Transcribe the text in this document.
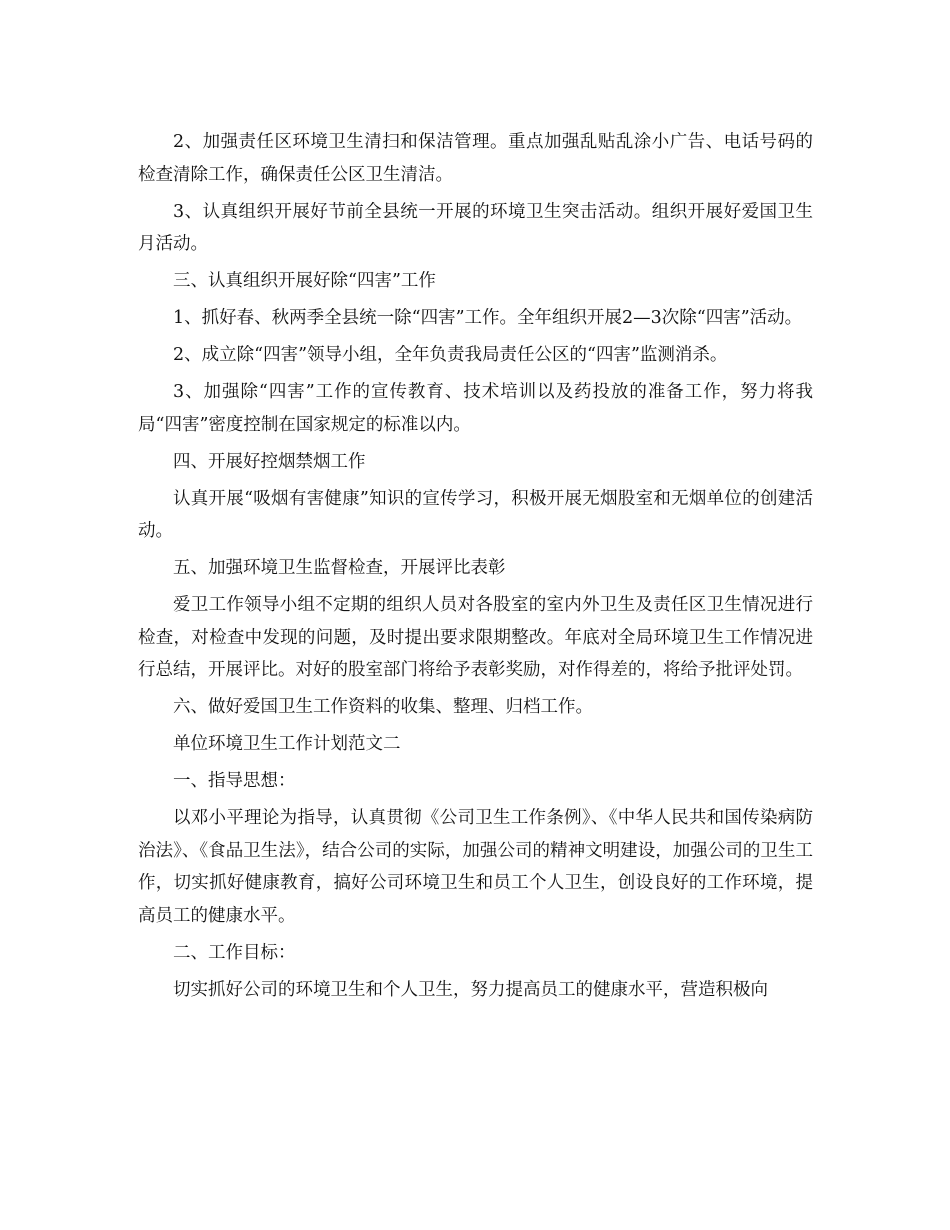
2、加强责任区环境卫生清扫和保洁管理。重点加强乱贴乱涂小广告、电话号码的检查清除工作，确保责任公区卫生清洁。

3、认真组织开展好节前全县统一开展的环境卫生突击活动。组织开展好爱国卫生月活动。

三、认真组织开展好除“四害”工作

1、抓好春、秋两季全县统一除“四害”工作。全年组织开展2—3次除“四害”活动。

2、成立除“四害”领导小组，全年负责我局责任公区的“四害”监测消杀。

3、加强除“四害”工作的宣传教育、技术培训以及药投放的准备工作，努力将我局“四害”密度控制在国家规定的标准以内。

四、开展好控烟禁烟工作

认真开展“吸烟有害健康”知识的宣传学习，积极开展无烟股室和无烟单位的创建活动。

五、加强环境卫生监督检查，开展评比表彰

爱卫工作领导小组不定期的组织人员对各股室的室内外卫生及责任区卫生情况进行检查，对检查中发现的问题，及时提出要求限期整改。年底对全局环境卫生工作情况进行总结，开展评比。对好的股室部门将给予表彰奖励，对作得差的，将给予批评处罚。

六、做好爱国卫生工作资料的收集、整理、归档工作。

单位环境卫生工作计划范文二

一、指导思想：

以邓小平理论为指导，认真贯彻《公司卫生工作条例》、《中华人民共和国传染病防治法》、《食品卫生法》，结合公司的实际，加强公司的精神文明建设，加强公司的卫生工作，切实抓好健康教育，搞好公司环境卫生和员工个人卫生，创设良好的工作环境，提高员工的健康水平。

二、工作目标：

切实抓好公司的环境卫生和个人卫生，努力提高员工的健康水平，营造积极向
